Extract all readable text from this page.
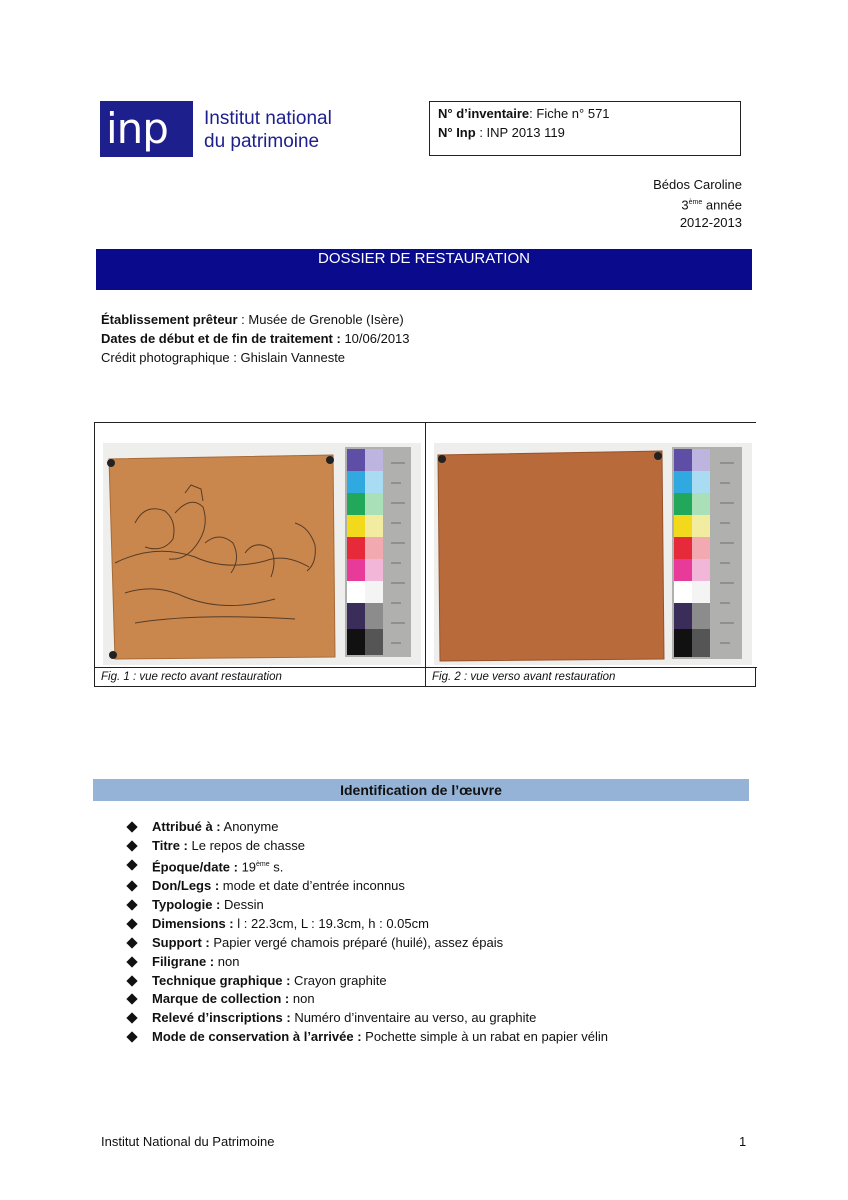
inp Institut national
du patrimoine
N° d’inventaire: Fiche n° 571
N° Inp : INP 2013 119
Bédos Caroline
3ème année
2012-2013
DOSSIER DE RESTAURATION
Établissement prêteur : Musée de Grenoble (Isère)
Dates de début et de fin de traitement : 10/06/2013
Crédit photographique : Ghislain Vanneste
Fig. 1 : vue recto avant restauration	Fig. 2 : vue verso avant restauration
Identification de l’œuvre
Attribué à : Anonyme
Titre : Le repos de chasse
Époque/date : 19ème s.
Don/Legs : mode et date d’entrée inconnus
Typologie : Dessin
Dimensions : l : 22.3cm, L : 19.3cm, h : 0.05cm
Support : Papier vergé chamois préparé (huilé), assez épais
Filigrane : non
Technique graphique : Crayon graphite
Marque de collection : non
Relevé d’inscriptions : Numéro d’inventaire au verso, au graphite
Mode de conservation à l’arrivée : Pochette simple à un rabat en papier vélin
Institut National du Patrimoine	1
